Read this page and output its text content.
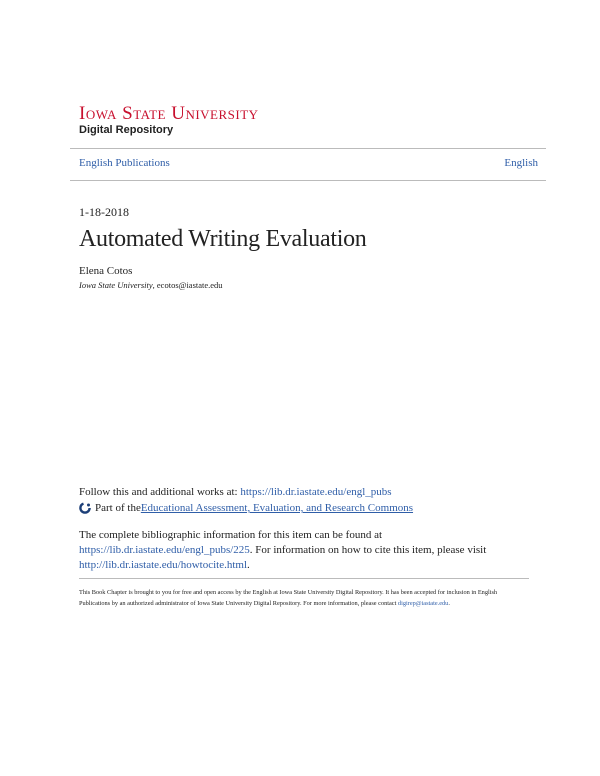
Iowa State University
Digital Repository
English Publications	English
1-18-2018
Automated Writing Evaluation
Elena Cotos
Iowa State University, ecotos@iastate.edu
Follow this and additional works at: https://lib.dr.iastate.edu/engl_pubs
Part of the Educational Assessment, Evaluation, and Research Commons
The complete bibliographic information for this item can be found at https://lib.dr.iastate.edu/engl_pubs/225. For information on how to cite this item, please visit http://lib.dr.iastate.edu/howtocite.html.
This Book Chapter is brought to you for free and open access by the English at Iowa State University Digital Repository. It has been accepted for inclusion in English Publications by an authorized administrator of Iowa State University Digital Repository. For more information, please contact digirep@iastate.edu.
